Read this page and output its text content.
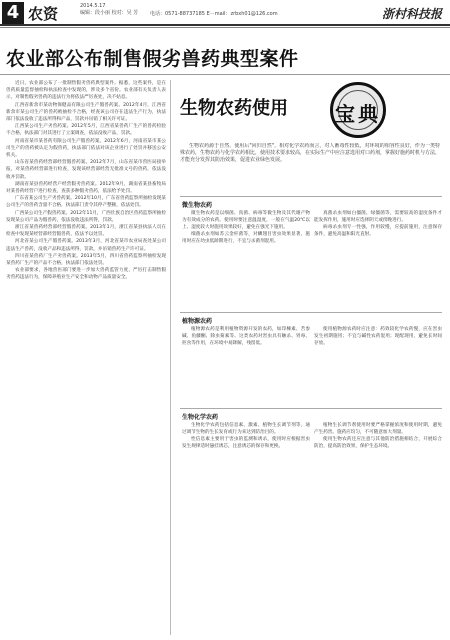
4 农资	2014.5.17
编辑：段小丽 校对：吴 芳 电话：0571-88737185 E－mail：zrbxh01@126.com	浙村科技报
农业部公布制售假劣兽药典型案件

近日，农业部公布了一批制售假劣兽药典型案件。据悉，这些案件，是在兽药质量监督抽检和执法检查中发现的，涉及多个省份。农业部有关负责人表示，对制售假劣兽药的违法行为将依法严厉查处，决不姑息。

江西省新余市某动物保健品有限公司生产假兽药案。2012年4月，江西省新余市某公司生产的兽药被抽检不合格，经查该公司存在违法生产行为，执法部门依法没收了违法所得和产品，罚款并吊销了相关许可证。

江西某公司生产劣兽药案。2012年5月，江西省某兽药厂生产的兽药检验不合格，执法部门对其进行了立案调查，依法没收产品，罚款。

河南省某市某兽药有限公司生产假兽药案。2012年6月，河南省某市某公司生产的兽药被认定为假兽药，执法部门依法对该企业进行了处罚并移送公安机关。

山东省某兽药经营部经营假兽药案。2012年7月，山东省某市兽医局接举报，对某兽药经营部进行检查，发现该经营部经营无批准文号的兽药，依法没收并罚款。

湖南省某县兽药经营户经营假劣兽药案。2012年9月，湖南省某县畜牧局对某兽药经营户进行检查，查获多种假劣兽药，依法给予处罚。

广东省某公司生产劣兽药案。2012年10月，广东省兽药监察所抽检发现某公司生产的兽药含量不合格，执法部门责令其停产整顿，依法处罚。

广西某公司生产假兽药案。2012年11月，广西壮族自治区兽药监察所抽检发现某公司产品为假兽药，依法没收违法所得，罚款。

浙江省某兽药经营部经营假兽药案。2013年1月，浙江省某县执法人员在检查中发现某经营部经营假兽药，依法予以处罚。

河北省某公司生产假兽药案。2013年3月，河北省某市农业局查处某公司违法生产兽药，没收产品和违法所得，罚款，并吊销兽药生产许可证。

四川省某兽药厂生产劣兽药案。2013年5月，四川省兽药监察所抽检发现某兽药厂生产的产品不合格，执法部门依法处罚。

农业部要求，各地兽医部门要进一步加大兽药监管力度，严厉打击制售假劣兽药违法行为，保障养殖业生产安全和动物产品质量安全。

生物农药使用 宝典

生物农药源于自然，使用后"回归自然"，相对化学农药而言，对人畜毒性较低，对环境的相容性良好，作为一类特殊农药，生物农药与化学农药相比，使用技术要求较高，在实际生产中应注意选用对口药剂，掌握好施药时机与方法，才能充分发挥其防治效果，促进农业绿色发展。

微生物农药

微生物农药是以细菌、真菌、病毒等微生物及其代谢产物为有效成分的农药。使用时要注意温湿度，一般在气温20℃以上、湿度较大时施用效果较好，避免在强光下施用。

细菌杀虫剂如苏云金杆菌等，对鳞翅目害虫效果显著，施用时应在幼虫低龄期进行，不宜与杀菌剂混用。

真菌杀虫剂如白僵菌、绿僵菌等，需要较高的湿度条件才能发挥作用，施用时应选择阴天或傍晚进行。

病毒杀虫剂专一性强，作用较慢，应提前施用，注意保存条件，避免高温和阳光直射。

植物源农药

植物源农药是利用植物资源开发的农药，如印楝素、苦参碱、鱼藤酮、除虫菊素等。这类农药对害虫具有触杀、胃毒、拒食等作用，在环境中易降解，残留低。

使用植物源农药时应注意：药效较化学农药慢，应在害虫发生初期施用；不宜与碱性农药混用；现配现用，避免长时间存放。

生物化学农药

生物化学农药包括信息素、激素、植物生长调节剂等，通过调节生物的生长发育或行为来达到防治目的。

性信息素主要用于害虫的监测和诱杀，使用时应根据害虫发生规律适时悬挂诱芯，注意诱芯的保存和更换。

植物生长调节剂使用时要严格掌握浓度和使用时期，避免产生药害。施药应均匀，不可随意加大剂量。

使用生物农药还应注意与其他防治措施相结合，开展综合防治，提高防治效果，保护生态环境。
